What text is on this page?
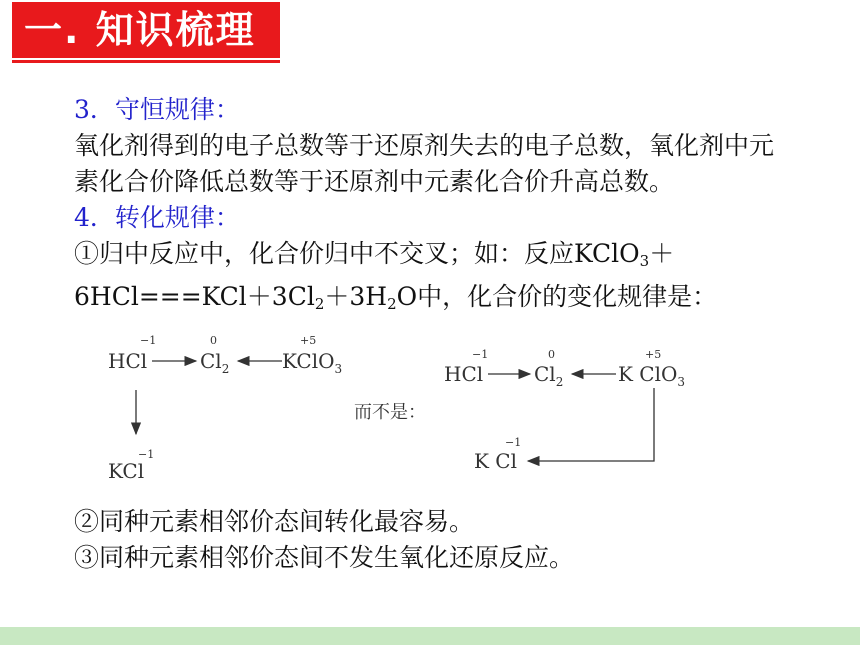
一. 知识梳理
3．守恒规律：
氧化剂得到的电子总数等于还原剂失去的电子总数，氧化剂中元素化合价降低总数等于还原剂中元素化合价升高总数。
4．转化规律：
①归中反应中，化合价归中不交叉；如：反应KClO$_3$＋
$6HCl===KCl+3Cl_2+3H_2O$中，化合价的变化规律是：
−1
HCl
0
$Cl_2$
+5
KClO$_3$
−1
KCl
而不是：
−1
HCl
0
$Cl_2$
+5
K ClO$_3$
−1
K Cl
②同种元素相邻价态间转化最容易。
③同种元素相邻价态间不发生氧化还原反应。
